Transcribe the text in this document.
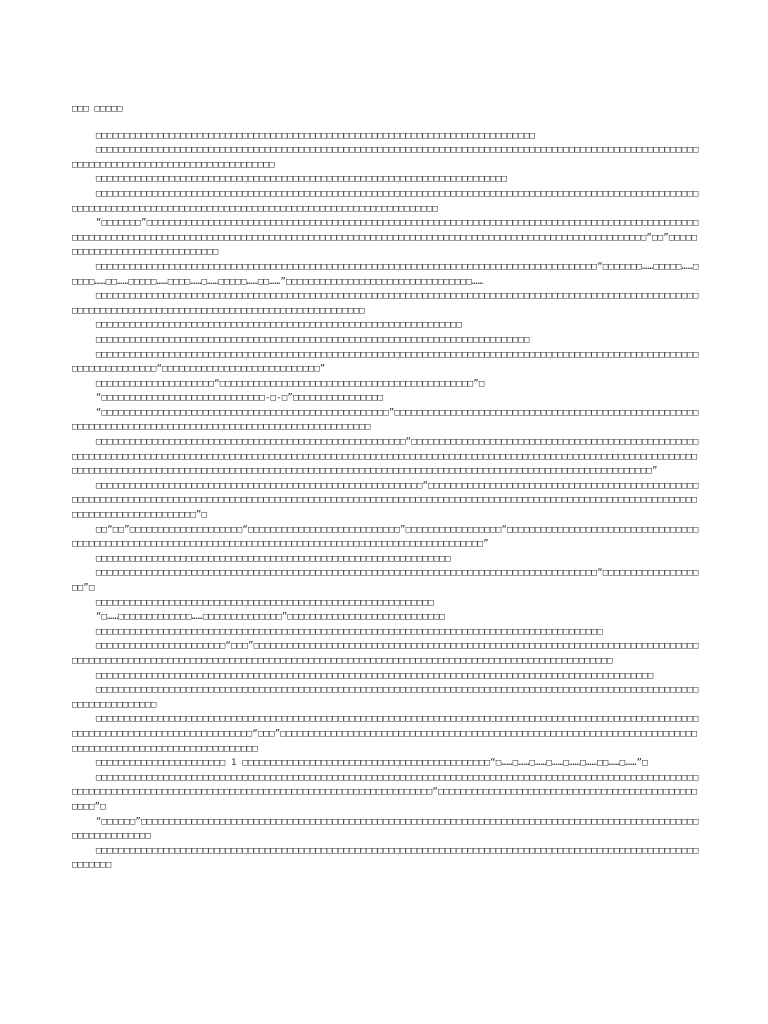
□□□ □□□□□

□□□□□□□□□□□□□□□□□□□□□□□□□□□□□□□□□□□□□□□□□□□□□□□□□□□□□□□□□□□□□□□□□□□□□□□□□□□□□□

□□□□□□□□□□□□□□□□□□□□□□□□□□□□□□□□□□□□□□□□□□□□□□□□□□□□□□□□□□□□□□□□□□□□□□□□□□□□□□□□□□□□□□□□□□□□□□□□□□□□□□□□□□□□□□□□□□□□□□□□□□□□□□□□□□□□□□□□□□□□□□□

□□□□□□□□□□□□□□□□□□□□□□□□□□□□□□□□□□□□□□□□□□□□□□□□□□□□□□□□□□□□□□□□□□□□□□□□□

□□□□□□□□□□□□□□□□□□□□□□□□□□□□□□□□□□□□□□□□□□□□□□□□□□□□□□□□□□□□□□□□□□□□□□□□□□□□□□□□□□□□□□□□□□□□□□□□□□□□□□□□□□□□□□□□□□□□□□□□□□□□□□□□□□□□□□□□□□□□□□□□□□□□□□□□□□□□□□□□□□□□□□□□□□□□

“□□□□□□□”□□□□□□□□□□□□□□□□□□□□□□□□□□□□□□□□□□□□□□□□□□□□□□□□□□□□□□□□□□□□□□□□□□□□□□□□□□□□□□□□□□□□□□□□□□□□□□□□□□□□□□□□□□□□□□□□□□□□□□□□□□□□□□□□□□□□□□□□□□□□□□□□□□□□□□□□□□□□□□□□□□□□□□□□□□□□□□□□□□□□□□□□□□□□□□□□□□□□□□□□“□□”□□□□□□□□□□□□□□□□□□□□□□□□□□□□□□□

□□□□□□□□□□□□□□□□□□□□□□□□□□□□□□□□□□□□□□□□□□□□□□□□□□□□□□□□□□□□□□□□□□□□□□□□□□□□□□□□□□□□□□□□□“□□□□□□□……□□□□□……□□□□□……□□……□□□□□……□□□□……□……□□□□□……□□……”□□□□□□□□□□□□□□□□□□□□□□□□□□□□□□□□□……

□□□□□□□□□□□□□□□□□□□□□□□□□□□□□□□□□□□□□□□□□□□□□□□□□□□□□□□□□□□□□□□□□□□□□□□□□□□□□□□□□□□□□□□□□□□□□□□□□□□□□□□□□□□□□□□□□□□□□□□□□□□□□□□□□□□□□□□□□□□□□□□□□□□□□□□□□□□□□□□

□□□□□□□□□□□□□□□□□□□□□□□□□□□□□□□□□□□□□□□□□□□□□□□□□□□□□□□□□□□□□□□□□

□□□□□□□□□□□□□□□□□□□□□□□□□□□□□□□□□□□□□□□□□□□□□□□□□□□□□□□□□□□□□□□□□□□□□□□□□□□□□

□□□□□□□□□□□□□□□□□□□□□□□□□□□□□□□□□□□□□□□□□□□□□□□□□□□□□□□□□□□□□□□□□□□□□□□□□□□□□□□□□□□□□□□□□□□□□□□□□□□□□□□□□□□□□□□□□□□□□□□□□□“□□□□□□□□□□□□□□□□□□□□□□□□□□□□”

□□□□□□□□□□□□□□□□□□□□□“□□□□□□□□□□□□□□□□□□□□□□□□□□□□□□□□□□□□□□□□□□□□□”□

“□□□□□□□□□□□□□□□□□□□□□□□□□□□□□-□-□”□□□□□□□□□□□□□□□□

“□□□□□□□□□□□□□□□□□□□□□□□□□□□□□□□□□□□□□□□□□□□□□□□□□□□”□□□□□□□□□□□□□□□□□□□□□□□□□□□□□□□□□□□□□□□□□□□□□□□□□□□□□□□□□□□□□□□□□□□□□□□□□□□□□□□□□□□□□□□□□□□□□□□□□□□□□□□□□□□

□□□□□□□□□□□□□□□□□□□□□□□□□□□□□□□□□□□□□□□□□□□□□□□□□□□□□□□“□□□□□□□□□□□□□□□□□□□□□□□□□□□□□□□□□□□□□□□□□□□□□□□□□□□□□□□□□□□□□□□□□□□□□□□□□□□□□□□□□□□□□□□□□□□□□□□□□□□□□□□□□□□□□□□□□□□□□□□□□□□□□□□□□□□□□□□□□□□□□□□□□□□□□□□□□□□□□□□□□□□□□□□□□□□□□□□□□□□□□□□□□□□□□□□□□□□□□□□□□□□□□□□□□□□□□□□□□□□□□□□□□□□□□□□□□□□□□□□□□□□□□□□□□□□□□□□□□□□□□□□□□”

□□□□□□□□□□□□□□□□□□□□□□□□□□□□□□□□□□□□□□□□□□□□□□□□□□□□□□□□□□“□□□□□□□□□□□□□□□□□□□□□□□□□□□□□□□□□□□□□□□□□□□□□□□□□□□□□□□□□□□□□□□□□□□□□□□□□□□□□□□□□□□□□□□□□□□□□□□□□□□□□□□□□□□□□□□□□□□□□□□□□□□□□□□□□□□□□□□□□□□□□□□□□□□□□□□□□□□□□□□□□□□□□□□□□□□□□□□□□□□□□”□

□□“□□”□□□□□□□□□□□□□□□□□□□□“□□□□□□□□□□□□□□□□□□□□□□□□□□□”□□□□□□□□□□□□□□□□□“□□□□□□□□□□□□□□□□□□□□□□□□□□□□□□□□□□□□□□□□□□□□□□□□□□□□□□□□□□□□□□□□□□□□□□□□□□□□□□□□□□□□□□□□□□□□□□□□□□□□□□□□□□□”

□□□□□□□□□□□□□□□□□□□□□□□□□□□□□□□□□□□□□□□□□□□□□□□□□□□□□□□□□□□□□□□

□□□□□□□□□□□□□□□□□□□□□□□□□□□□□□□□□□□□□□□□□□□□□□□□□□□□□□□□□□□□□□□□□□□□□□□□□□□□□□□□□□□□□□□□□“□□□□□□□□□□□□□□□□□□□”□

□□□□□□□□□□□□□□□□□□□□□□□□□□□□□□□□□□□□□□□□□□□□□□□□□□□□□□□□□□□□

“□……□□□□□□□□□□□□□……□□□□□□□□□□□□□□”□□□□□□□□□□□□□□□□□□□□□□□□□□□□

□□□□□□□□□□□□□□□□□□□□□□□□□□□□□□□□□□□□□□□□□□□□□□□□□□□□□□□□□□□□□□□□□□□□□□□□□□□□□□□□□□□□□□□□□□

□□□□□□□□□□□□□□□□□□□□□□□“□□□”□□□□□□□□□□□□□□□□□□□□□□□□□□□□□□□□□□□□□□□□□□□□□□□□□□□□□□□□□□□□□□□□□□□□□□□□□□□□□□□□□□□□□□□□□□□□□□□□□□□□□□□□□□□□□□□□□□□□□□□□□□□□□□□□□□□□□□□□□□□□□□□□□□□□□□□□□□□□□□□□□□□□□□□□□□□□□□□

□□□□□□□□□□□□□□□□□□□□□□□□□□□□□□□□□□□□□□□□□□□□□□□□□□□□□□□□□□□□□□□□□□□□□□□□□□□□□□□□□□□□□□□□□□□□□□□□□□□

□□□□□□□□□□□□□□□□□□□□□□□□□□□□□□□□□□□□□□□□□□□□□□□□□□□□□□□□□□□□□□□□□□□□□□□□□□□□□□□□□□□□□□□□□□□□□□□□□□□□□□□□□□□□□□□□□□□□□□□□□□

□□□□□□□□□□□□□□□□□□□□□□□□□□□□□□□□□□□□□□□□□□□□□□□□□□□□□□□□□□□□□□□□□□□□□□□□□□□□□□□□□□□□□□□□□□□□□□□□□□□□□□□□□□□□□□□□□□□□□□□□□□□□□□□□□□□□□□□□□□□“□□□”□□□□□□□□□□□□□□□□□□□□□□□□□□□□□□□□□□□□□□□□□□□□□□□□□□□□□□□□□□□□□□□□□□□□□□□□□□□□□□□□□□□□□□□□□□□□□□□□□□□□□□□□□□□

□□□□□□□□□□□□□□□□□□□□□□□ 1 □□□□□□□□□□□□□□□□□□□□□□□□□□□□□□□□□□□□□□□□□□□□“□……□……□……□……□……□……□□……□……”□

□□□□□□□□□□□□□□□□□□□□□□□□□□□□□□□□□□□□□□□□□□□□□□□□□□□□□□□□□□□□□□□□□□□□□□□□□□□□□□□□□□□□□□□□□□□□□□□□□□□□□□□□□□□□□□□□□□□□□□□□□□□□□□□□□□□□□□□□□□□□□□□□□□□□□□□□□□□□□□□□□□□□□□□□□□□“□□□□□□□□□□□□□□□□□□□□□□□□□□□□□□□□□□□□□□□□□□□□□□□□□□”□

“□□□□□□”□□□□□□□□□□□□□□□□□□□□□□□□□□□□□□□□□□□□□□□□□□□□□□□□□□□□□□□□□□□□□□□□□□□□□□□□□□□□□□□□□□□□□□□□□□□□□□□□□□□□□□□□□□□□□□□□□

□□□□□□□□□□□□□□□□□□□□□□□□□□□□□□□□□□□□□□□□□□□□□□□□□□□□□□□□□□□□□□□□□□□□□□□□□□□□□□□□□□□□□□□□□□□□□□□□□□□□□□□□□□□□□□□□□□
